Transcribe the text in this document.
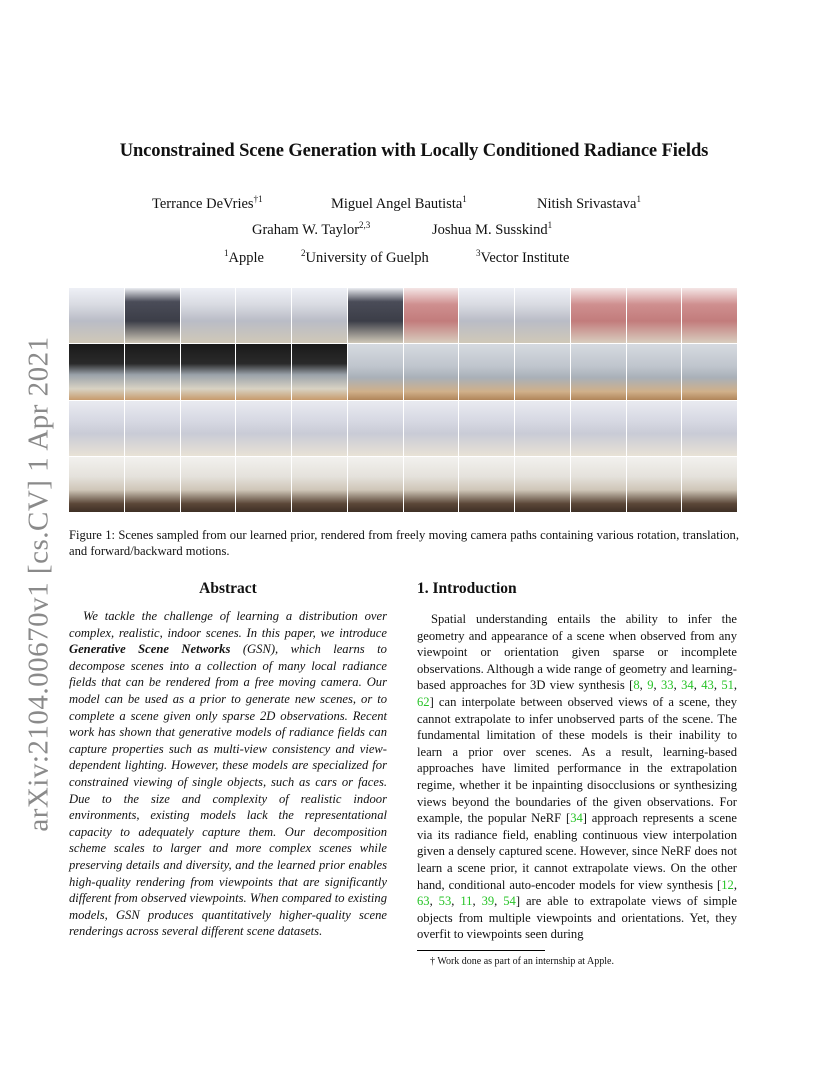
arXiv:2104.00670v1 [cs.CV] 1 Apr 2021
Unconstrained Scene Generation with Locally Conditioned Radiance Fields
Terrance DeVries$^{\dagger 1}$	Miguel Angel Bautista$^1$	Nitish Srivastava$^1$
Graham W. Taylor$^{2,3}$	Joshua M. Susskind$^1$
$^1$Apple	$^2$University of Guelph	$^3$Vector Institute
Figure 1: Scenes sampled from our learned prior, rendered from freely moving camera paths containing various rotation, translation, and forward/backward motions.
Abstract

We tackle the challenge of learning a distribution over complex, realistic, indoor scenes. In this paper, we introduce Generative Scene Networks (GSN), which learns to decompose scenes into a collection of many local radiance fields that can be rendered from a free moving camera. Our model can be used as a prior to generate new scenes, or to complete a scene given only sparse 2D observations. Recent work has shown that generative models of radiance fields can capture properties such as multi-view consistency and view-dependent lighting. However, these models are specialized for constrained viewing of single objects, such as cars or faces. Due to the size and complexity of realistic indoor environments, existing models lack the representational capacity to adequately capture them. Our decomposition scheme scales to larger and more complex scenes while preserving details and diversity, and the learned prior enables high-quality rendering from viewpoints that are significantly different from observed viewpoints. When compared to existing models, GSN produces quantitatively higher-quality scene renderings across several different scene datasets.

1. Introduction

Spatial understanding entails the ability to infer the geometry and appearance of a scene when observed from any viewpoint or orientation given sparse or incomplete observations. Although a wide range of geometry and learning-based approaches for 3D view synthesis [8, 9, 33, 34, 43, 51, 62] can interpolate between observed views of a scene, they cannot extrapolate to infer unobserved parts of the scene. The fundamental limitation of these models is their inability to learn a prior over scenes. As a result, learning-based approaches have limited performance in the extrapolation regime, whether it be inpainting disocclusions or synthesizing views beyond the boundaries of the given observations. For example, the popular NeRF [34] approach represents a scene via its radiance field, enabling continuous view interpolation given a densely captured scene. However, since NeRF does not learn a scene prior, it cannot extrapolate views. On the other hand, conditional auto-encoder models for view synthesis [12, 63, 53, 11, 39, 54] are able to extrapolate views of simple objects from multiple viewpoints and orientations. Yet, they overfit to viewpoints seen during

† Work done as part of an internship at Apple.
